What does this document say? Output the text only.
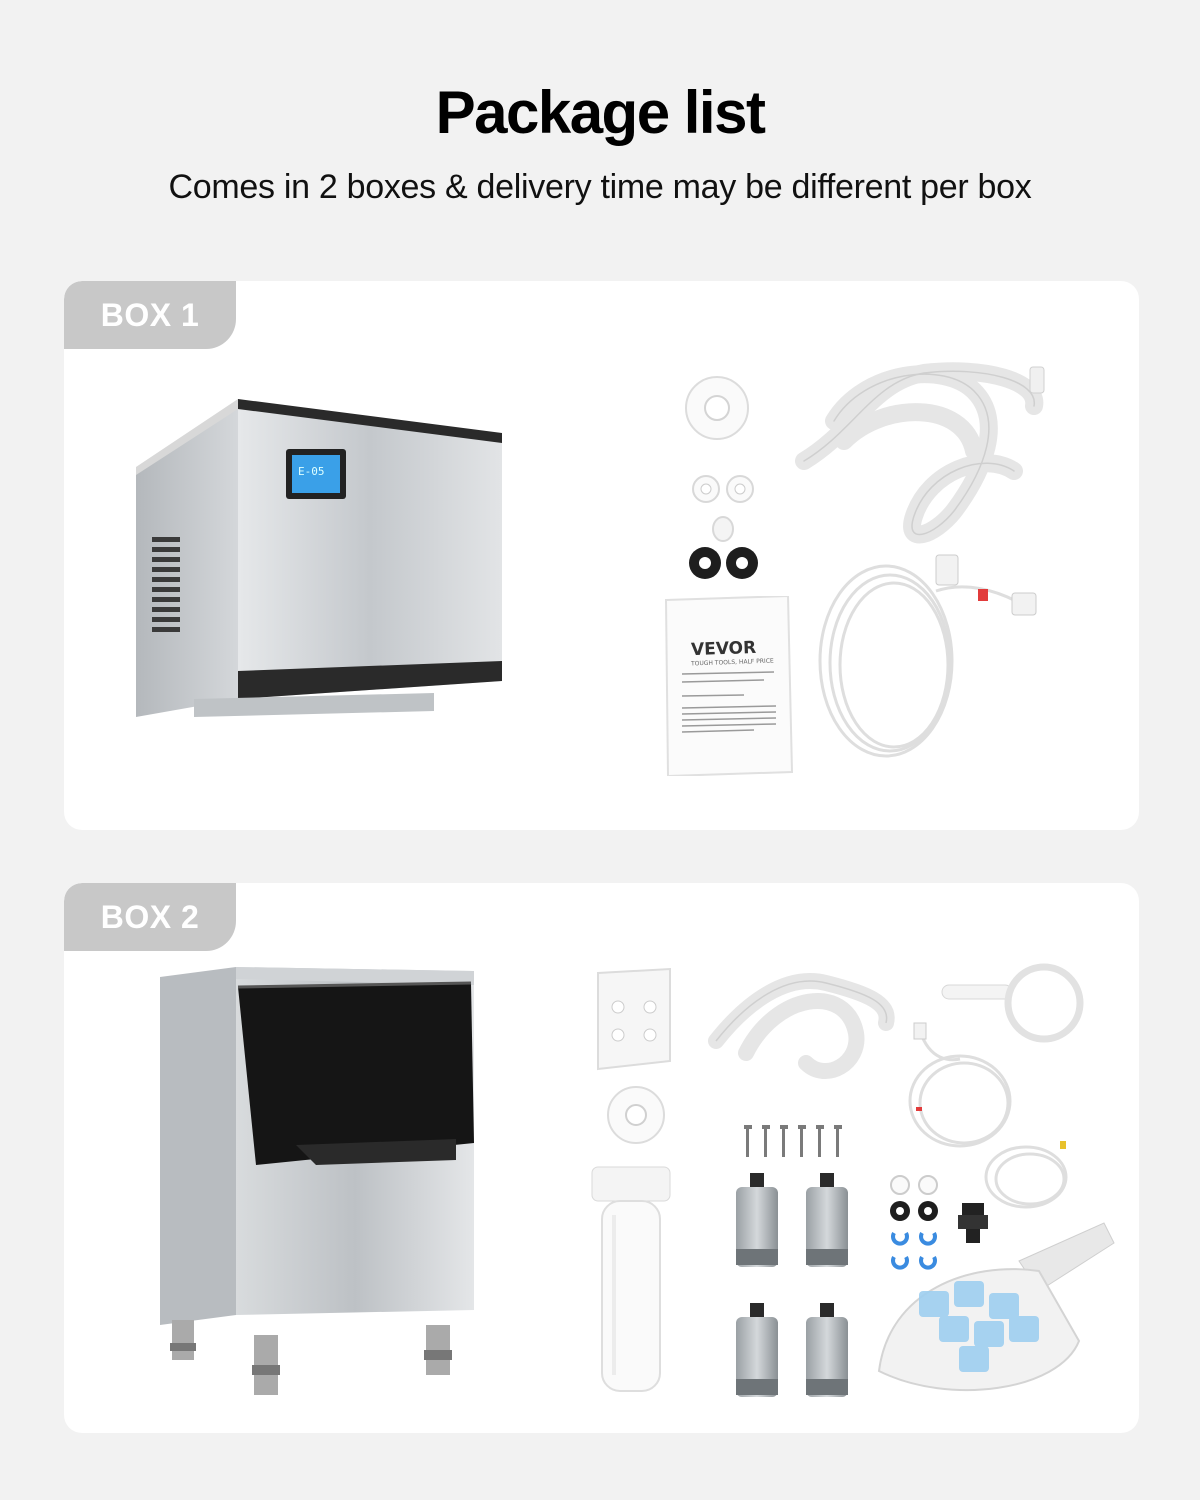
Package list
Comes in 2 boxes & delivery time may be different per box
BOX 1
E-05
VEVOR
TOUGH TOOLS, HALF PRICE
BOX 2
